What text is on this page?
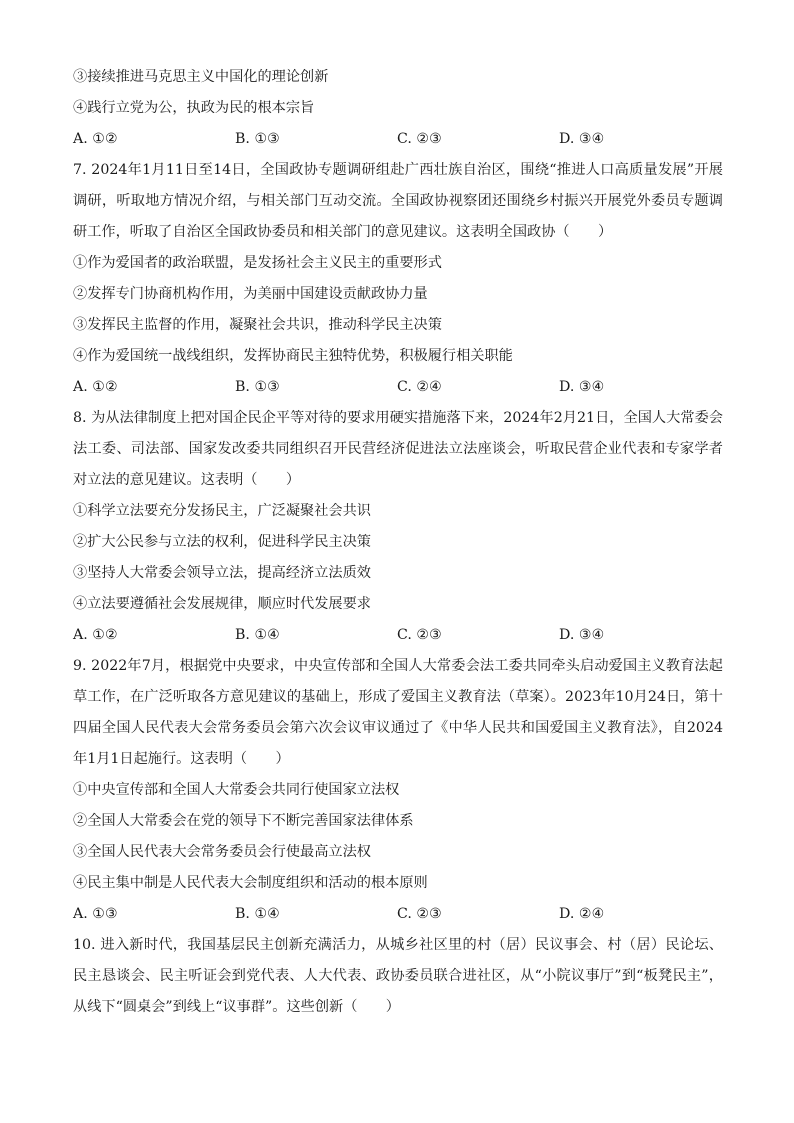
③接续推进马克思主义中国化的理论创新
④践行立党为公，执政为民的根本宗旨
A. ①②	B. ①③	C. ②③	D. ③④
7. 2024年1月11日至14日，全国政协专题调研组赴广西壮族自治区，围绕“推进人口高质量发展”开展调研，听取地方情况介绍，与相关部门互动交流。全国政协视察团还围绕乡村振兴开展党外委员专题调研工作，听取了自治区全国政协委员和相关部门的意见建议。这表明全国政协（　　）
①作为爱国者的政治联盟，是发扬社会主义民主的重要形式
②发挥专门协商机构作用，为美丽中国建设贡献政协力量
③发挥民主监督的作用，凝聚社会共识，推动科学民主决策
④作为爱国统一战线组织，发挥协商民主独特优势，积极履行相关职能
A. ①②	B. ①③	C. ②④	D. ③④
8. 为从法律制度上把对国企民企平等对待的要求用硬实措施落下来，2024年2月21日，全国人大常委会法工委、司法部、国家发改委共同组织召开民营经济促进法立法座谈会，听取民营企业代表和专家学者对立法的意见建议。这表明（　　）
①科学立法要充分发扬民主，广泛凝聚社会共识
②扩大公民参与立法的权利，促进科学民主决策
③坚持人大常委会领导立法，提高经济立法质效
④立法要遵循社会发展规律，顺应时代发展要求
A. ①②	B. ①④	C. ②③	D. ③④
9. 2022年7月，根据党中央要求，中央宣传部和全国人大常委会法工委共同牵头启动爱国主义教育法起草工作，在广泛听取各方意见建议的基础上，形成了爱国主义教育法（草案）。2023年10月24日，第十四届全国人民代表大会常务委员会第六次会议审议通过了《中华人民共和国爱国主义教育法》，自2024年1月1日起施行。这表明（　　）
①中央宣传部和全国人大常委会共同行使国家立法权
②全国人大常委会在党的领导下不断完善国家法律体系
③全国人民代表大会常务委员会行使最高立法权
④民主集中制是人民代表大会制度组织和活动的根本原则
A. ①③	B. ①④	C. ②③	D. ②④
10. 进入新时代，我国基层民主创新充满活力，从城乡社区里的村（居）民议事会、村（居）民论坛、民主恳谈会、民主听证会到党代表、人大代表、政协委员联合进社区，从“小院议事厅”到“板凳民主”，从线下“圆桌会”到线上“议事群”。这些创新（　　）
